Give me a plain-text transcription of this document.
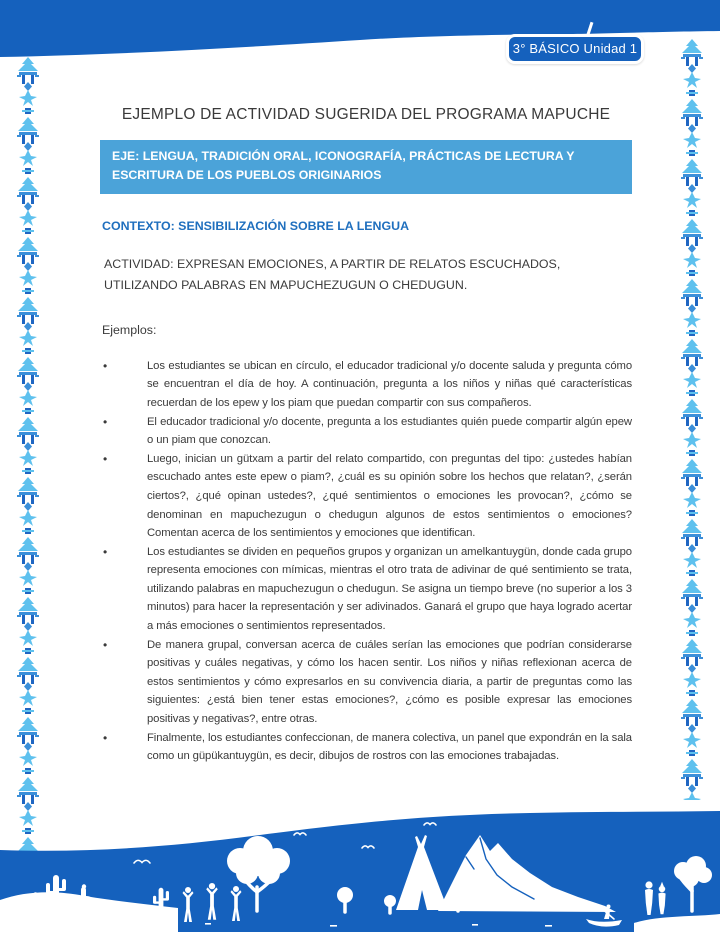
3° BÁSICO Unidad 1
EJEMPLO DE ACTIVIDAD SUGERIDA DEL PROGRAMA MAPUCHE
EJE: LENGUA, TRADICIÓN ORAL, ICONOGRAFÍA, PRÁCTICAS DE LECTURA Y ESCRITURA DE LOS PUEBLOS ORIGINARIOS
CONTEXTO: SENSIBILIZACIÓN SOBRE LA LENGUA
ACTIVIDAD: EXPRESAN EMOCIONES, A PARTIR DE RELATOS ESCUCHADOS, UTILIZANDO PALABRAS EN MAPUCHEZUGUN O CHEDUGUN.
Ejemplos:
•	Los estudiantes se ubican en círculo, el educador tradicional y/o docente saluda y pregunta cómo se encuentran el día de hoy. A continuación, pregunta a los niños y niñas qué características recuerdan de los epew y los piam que puedan compartir con sus compañeros.
•	El educador tradicional y/o docente, pregunta a los estudiantes quién puede compartir algún epew o un piam que conozcan.
•	Luego, inician un gütxam a partir del relato compartido, con preguntas del tipo: ¿ustedes habían escuchado antes este epew o piam?, ¿cuál es su opinión sobre los hechos que relatan?, ¿serán ciertos?, ¿qué opinan ustedes?, ¿qué sentimientos o emociones les provocan?, ¿cómo se denominan en mapuchezugun o chedugun algunos de estos sentimientos o emociones? Comentan acerca de los sentimientos y emociones que identifican.
•	Los estudiantes se dividen en pequeños grupos y organizan un amelkantuygün, donde cada grupo representa emociones con mímicas, mientras el otro trata de adivinar de qué sentimiento se trata, utilizando palabras en mapuchezugun o chedugun. Se asigna un tiempo breve (no superior a los 3 minutos) para hacer la representación y ser adivinados. Ganará el grupo que haya logrado acertar a más emociones o sentimientos representados.
•	De manera grupal, conversan acerca de cuáles serían las emociones que podrían considerarse positivas y cuáles negativas, y cómo los hacen sentir. Los niños y niñas reflexionan acerca de estos sentimientos y cómo expresarlos en su convivencia diaria, a partir de preguntas como las siguientes: ¿está bien tener estas emociones?, ¿cómo es posible expresar las emociones positivas y negativas?, entre otras.
•	Finalmente, los estudiantes confeccionan, de manera colectiva, un panel que expondrán en la sala como un güpükantuygün, es decir, dibujos de rostros con las emociones trabajadas.
